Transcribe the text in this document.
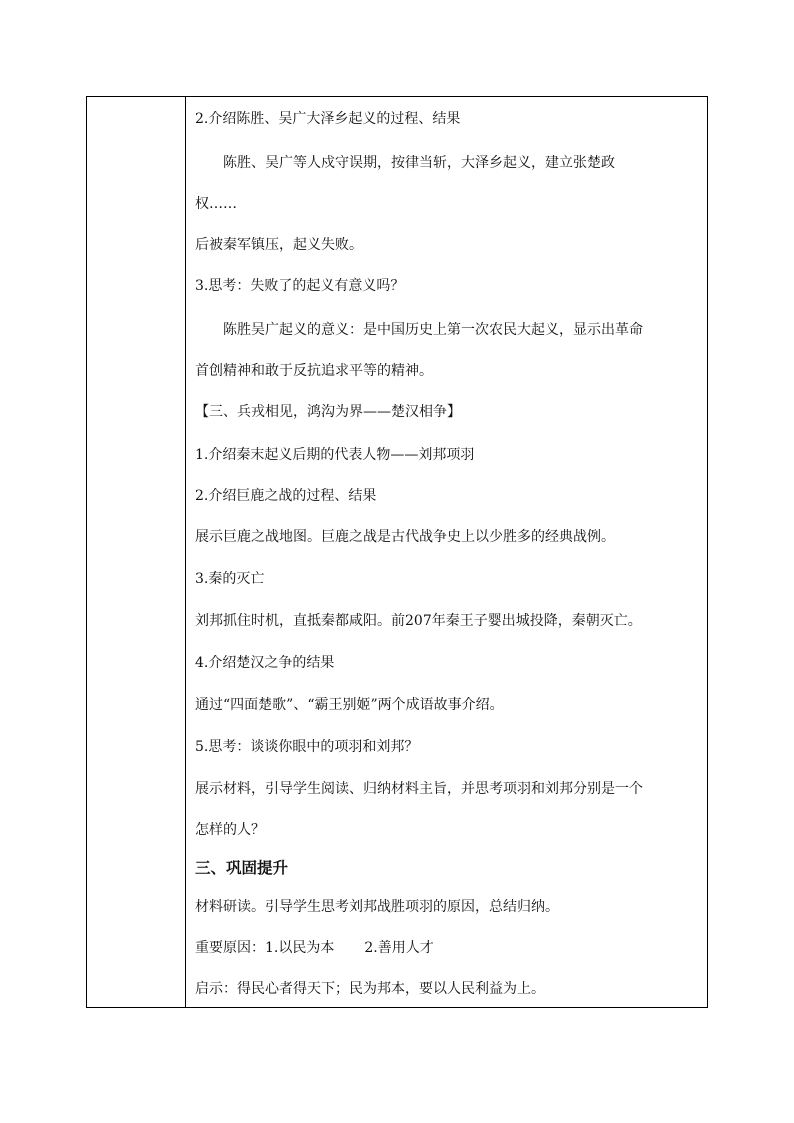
2.介绍陈胜、吴广大泽乡起义的过程、结果
陈胜、吴广等人戍守误期，按律当斩，大泽乡起义，建立张楚政
权……
后被秦军镇压，起义失败。
3.思考：失败了的起义有意义吗？
陈胜吴广起义的意义：是中国历史上第一次农民大起义，显示出革命
首创精神和敢于反抗追求平等的精神。
【三、兵戎相见，鸿沟为界——楚汉相争】
1.介绍秦末起义后期的代表人物——刘邦项羽
2.介绍巨鹿之战的过程、结果
展示巨鹿之战地图。巨鹿之战是古代战争史上以少胜多的经典战例。
3.秦的灭亡
刘邦抓住时机，直抵秦都咸阳。前207年秦王子婴出城投降，秦朝灭亡。
4.介绍楚汉之争的结果
通过“四面楚歌”、“霸王别姬”两个成语故事介绍。
5.思考：谈谈你眼中的项羽和刘邦？
展示材料，引导学生阅读、归纳材料主旨，并思考项羽和刘邦分别是一个
怎样的人？
三、巩固提升
材料研读。引导学生思考刘邦战胜项羽的原因，总结归纳。
重要原因：1.以民为本 2.善用人才
启示：得民心者得天下；民为邦本，要以人民利益为上。
